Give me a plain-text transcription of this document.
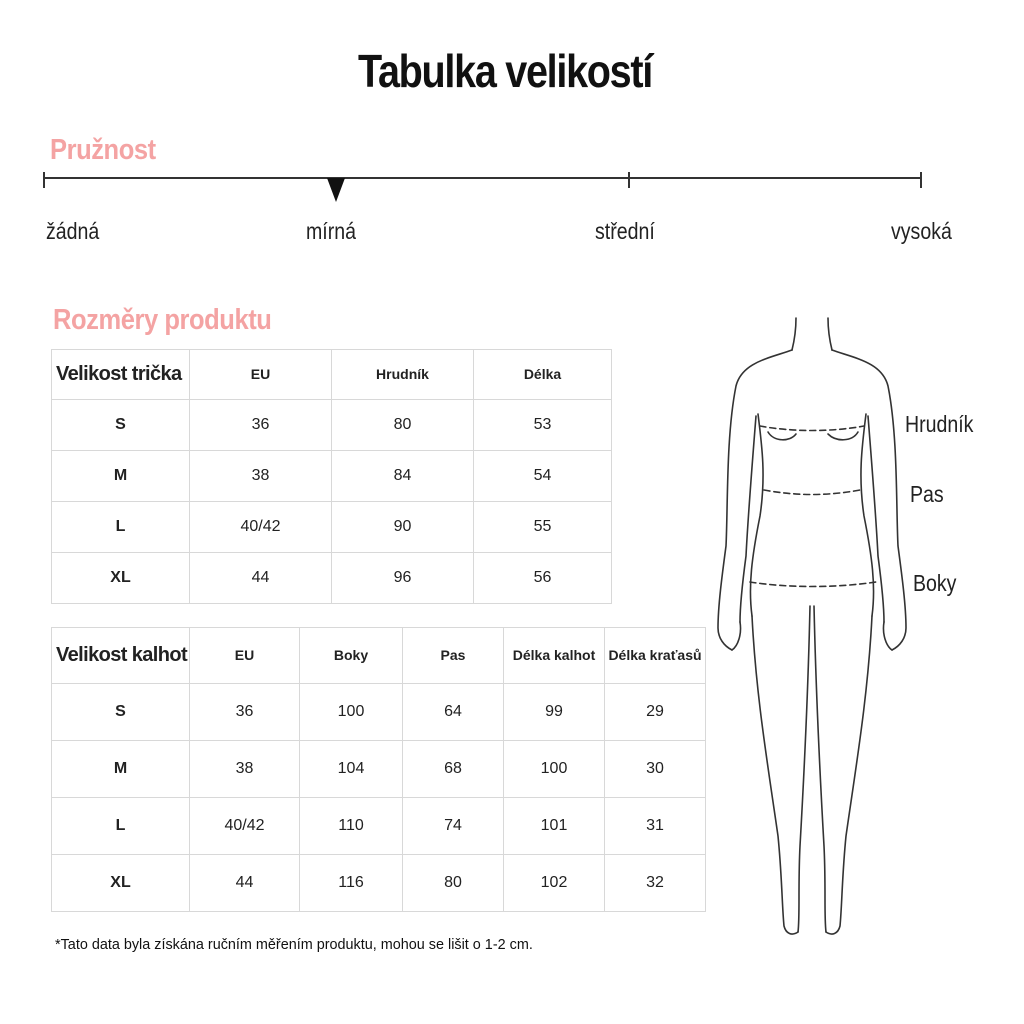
Tabulka velikostí
Pružnost
žádná	mírná	střední	vysoká
Rozměry produktu
Velikost trička	EU	Hrudník	Délka
S	36	80	53
M	38	84	54
L	40/42	90	55
XL	44	96	56
Velikost kalhot	EU	Boky	Pas	Délka kalhot	Délka kraťasů
S	36	100	64	99	29
M	38	104	68	100	30
L	40/42	110	74	101	31
XL	44	116	80	102	32
Hrudník
Pas
Boky
*Tato data byla získána ručním měřením produktu, mohou se lišit o 1-2 cm.
